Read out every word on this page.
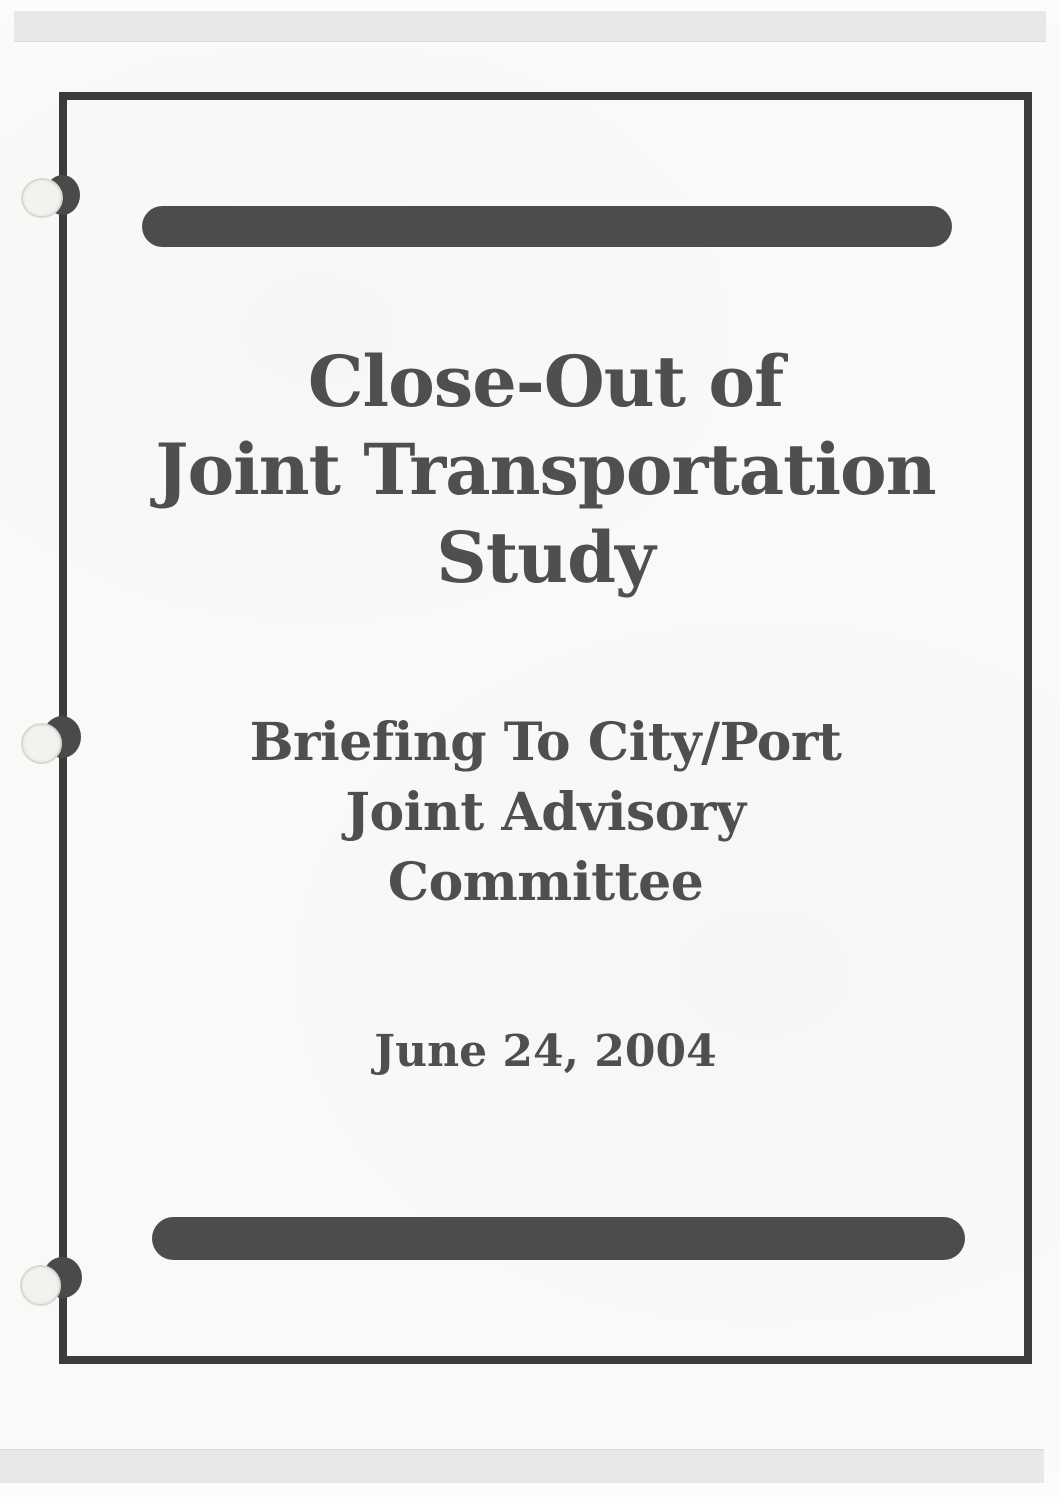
Close-Out of
Joint Transportation
Study
Briefing To City/Port
Joint Advisory
Committee
June 24, 2004
